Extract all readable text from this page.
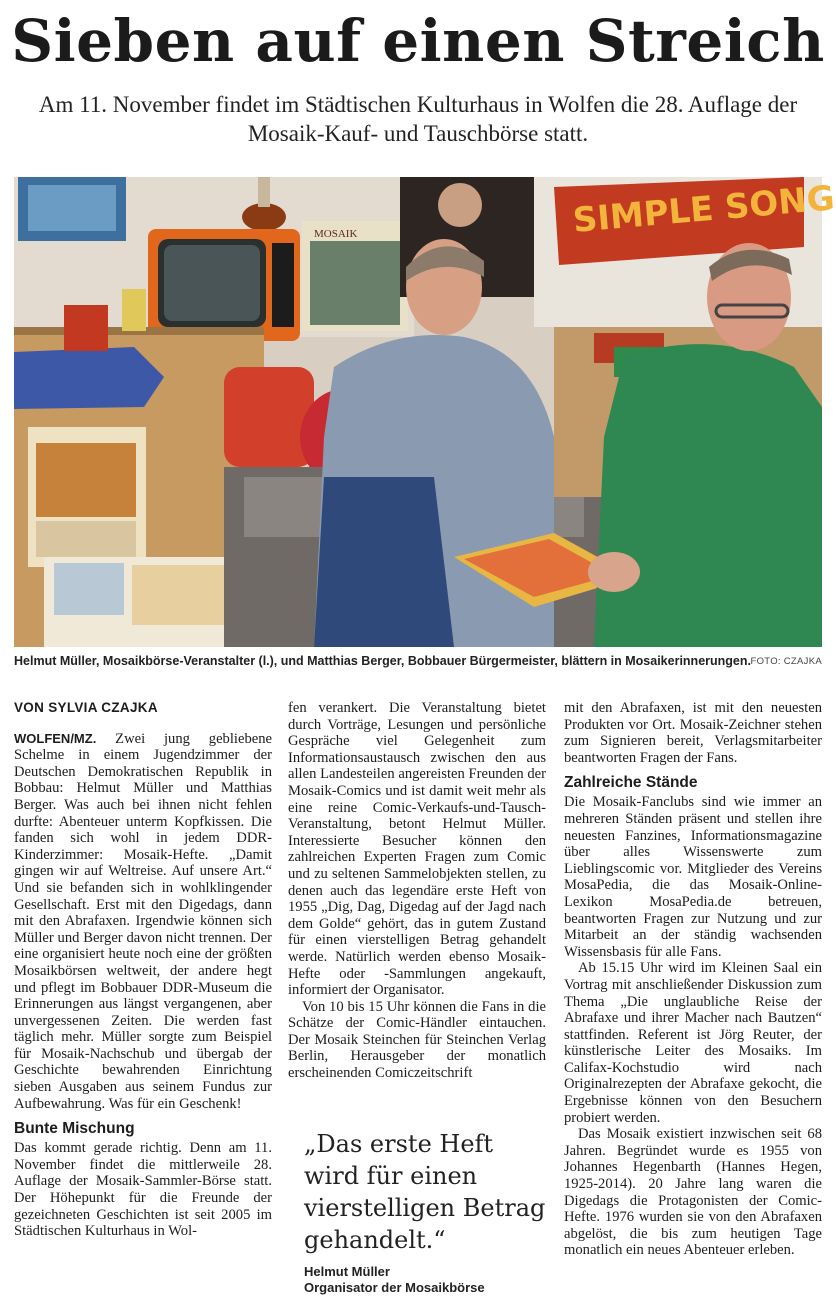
Sieben auf einen Streich
Am 11. November findet im Städtischen Kulturhaus in Wolfen die 28. Auflage der Mosaik-Kauf- und Tauschbörse statt.
MOSAIK	SIMPLE SONG
Helmut Müller, Mosaikbörse-Veranstalter (l.), und Matthias Berger, Bobbauer Bürgermeister, blättern in Mosaikerinnerungen. FOTO: CZAJKA
VON SYLVIA CZAJKA

WOLFEN/MZ. Zwei jung gebliebene Schelme in einem Jugendzimmer der Deutschen Demokratischen Republik in Bobbau: Helmut Müller und Matthias Berger. Was auch bei ihnen nicht fehlen durfte: Abenteuer unterm Kopfkissen. Die fanden sich wohl in jedem DDR-Kinderzimmer: Mosaik-Hefte. „Damit gingen wir auf Weltreise. Auf unsere Art.“ Und sie befanden sich in wohlklingender Gesellschaft. Erst mit den Digedags, dann mit den Abrafaxen. Irgendwie können sich Müller und Berger davon nicht trennen. Der eine organisiert heute noch eine der größten Mosaikbörsen weltweit, der andere hegt und pflegt im Bobbauer DDR-Museum die Erinnerungen aus längst vergangenen, aber unvergessenen Zeiten. Die werden fast täglich mehr. Müller sorgte zum Beispiel für Mosaik-Nachschub und übergab der Geschichte bewahrenden Einrichtung sieben Ausgaben aus seinem Fundus zur Aufbewahrung. Was für ein Geschenk!

Bunte Mischung

Das kommt gerade richtig. Denn am 11. November findet die mittlerweile 28. Auflage der Mosaik-Sammler-Börse statt. Der Höhepunkt für die Freunde der gezeichneten Geschichten ist seit 2005 im Städtischen Kulturhaus in Wol-

fen verankert. Die Veranstaltung bietet durch Vorträge, Lesungen und persönliche Gespräche viel Gelegenheit zum Informationsaustausch zwischen den aus allen Landesteilen angereisten Freunden der Mosaik-Comics und ist damit weit mehr als eine reine Comic-Verkaufs-und-Tausch-Veranstaltung, betont Helmut Müller. Interessierte Besucher können den zahlreichen Experten Fragen zum Comic und zu seltenen Sammelobjekten stellen, zu denen auch das legendäre erste Heft von 1955 „Dig, Dag, Digedag auf der Jagd nach dem Golde“ gehört, das in gutem Zustand für einen vierstelligen Betrag gehandelt werde. Natürlich werden ebenso Mosaik-Hefte oder -Sammlungen angekauft, informiert der Organisator.

Von 10 bis 15 Uhr können die Fans in die Schätze der Comic-Händler eintauchen. Der Mosaik Steinchen für Steinchen Verlag Berlin, Herausgeber der monatlich erscheinenden Comiczeitschrift

„Das erste Heft wird für einen vierstelligen Betrag gehandelt.“
Helmut Müller
Organisator der Mosaikbörse

mit den Abrafaxen, ist mit den neuesten Produkten vor Ort. Mosaik-Zeichner stehen zum Signieren bereit, Verlagsmitarbeiter beantworten Fragen der Fans.

Zahlreiche Stände

Die Mosaik-Fanclubs sind wie immer an mehreren Ständen präsent und stellen ihre neuesten Fanzines, Informationsmagazine über alles Wissenswerte zum Lieblingscomic vor. Mitglieder des Vereins MosaPedia, die das Mosaik-Online-Lexikon MosaPedia.de betreuen, beantworten Fragen zur Nutzung und zur Mitarbeit an der ständig wachsenden Wissensbasis für alle Fans.

Ab 15.15 Uhr wird im Kleinen Saal ein Vortrag mit anschließender Diskussion zum Thema „Die unglaubliche Reise der Abrafaxe und ihrer Macher nach Bautzen“ stattfinden. Referent ist Jörg Reuter, der künstlerische Leiter des Mosaiks. Im Califax-Kochstudio wird nach Originalrezepten der Abrafaxe gekocht, die Ergebnisse können von den Besuchern probiert werden.

Das Mosaik existiert inzwischen seit 68 Jahren. Begründet wurde es 1955 von Johannes Hegenbarth (Hannes Hegen, 1925-2014). 20 Jahre lang waren die Digedags die Protagonisten der Comic-Hefte. 1976 wurden sie von den Abrafaxen abgelöst, die bis zum heutigen Tage monatlich ein neues Abenteuer erleben.
